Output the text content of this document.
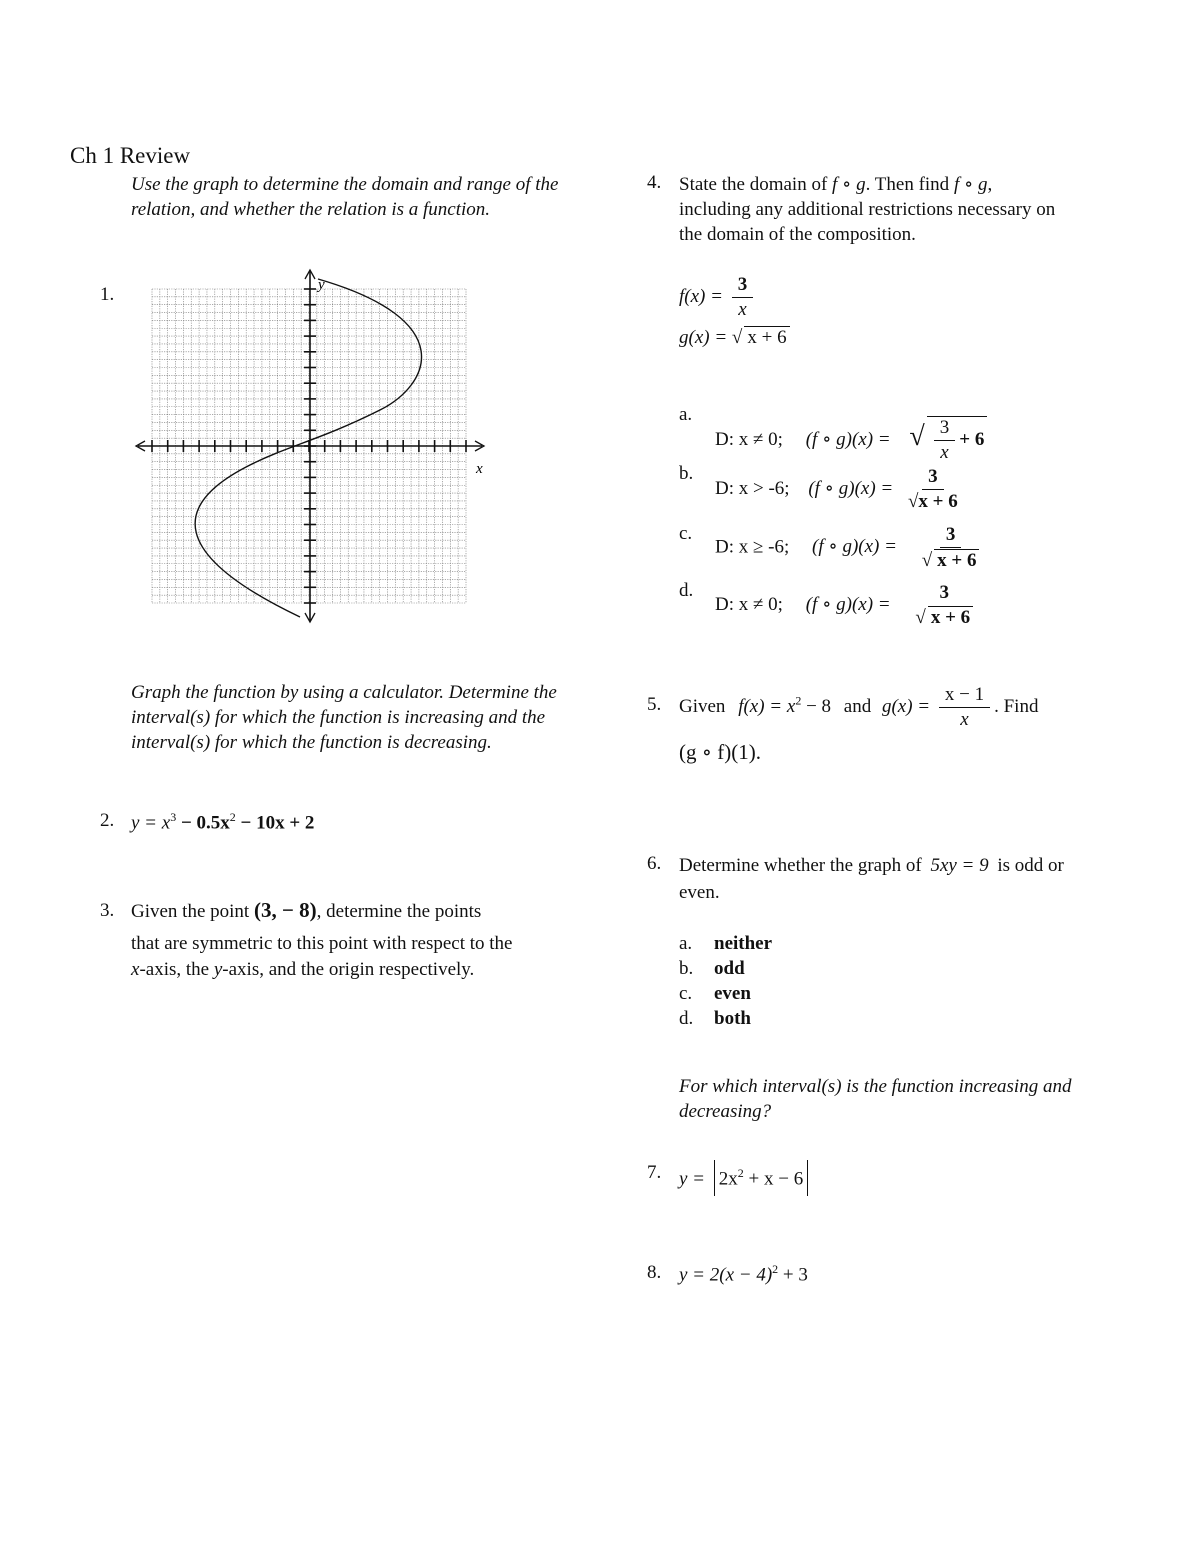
Ch 1 Review
Use the graph to determine the domain and range of the relation, and whether the relation is a function.
1.
x
y
Graph the function by using a calculator. Determine the interval(s) for which the function is increasing and the interval(s) for which the function is decreasing.
2. $y = x^3 - 0.5x^2 - 10x + 2$
3. Given the point (3, − 8), determine the points
that are symmetric to this point with respect to the
x-axis, the y-axis, and the origin respectively.
4. State the domain of f ∘ g. Then find f ∘ g,
including any additional restrictions necessary on
the domain of the composition.
$f(x) = \frac{3}{x}$
g(x) = √ x + 6
a.
D: x ≠ 0; (f ∘ g)(x) = √ $\frac{3}{x} + 6$
b.
D: x > -6; (f ∘ g)(x) = 3
√ x + 6
c.
D: x ≥ -6; (f ∘ g)(x) = 3
√ x + 6
d.
D: x ≠ 0; (f ∘ g)(x) =
3
√ x + 6
5. Given $f(x) = x^2 - 8$ and $g(x) = \frac{x - 1}{x}$ . Find
(g ∘ f)(1).
6. Determine whether the graph of 5xy = 9 is odd or
even.
a. neither
b. odd
c. even
d. both
For which interval(s) is the function increasing and decreasing?
7. $y = 2x^2 + x - 6$
8. $y = 2(x - 4)^2 + 3$
